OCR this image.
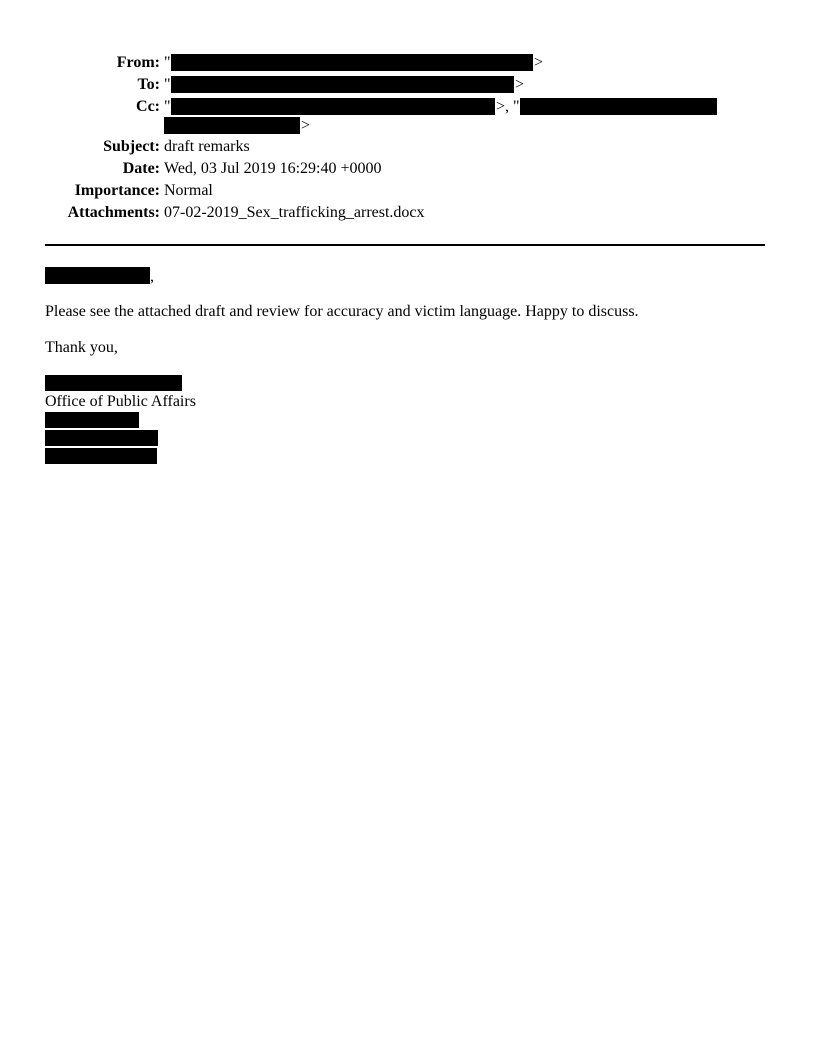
From: "	>
To: "	>
Cc: "	>, "
>
Subject: draft remarks
Date: Wed, 03 Jul 2019 16:29:40 +0000
Importance: Normal
Attachments: 07-02-2019_Sex_trafficking_arrest.docx
,
Please see the attached draft and review for accuracy and victim language. Happy to discuss.
Thank you,
Office of Public Affairs
